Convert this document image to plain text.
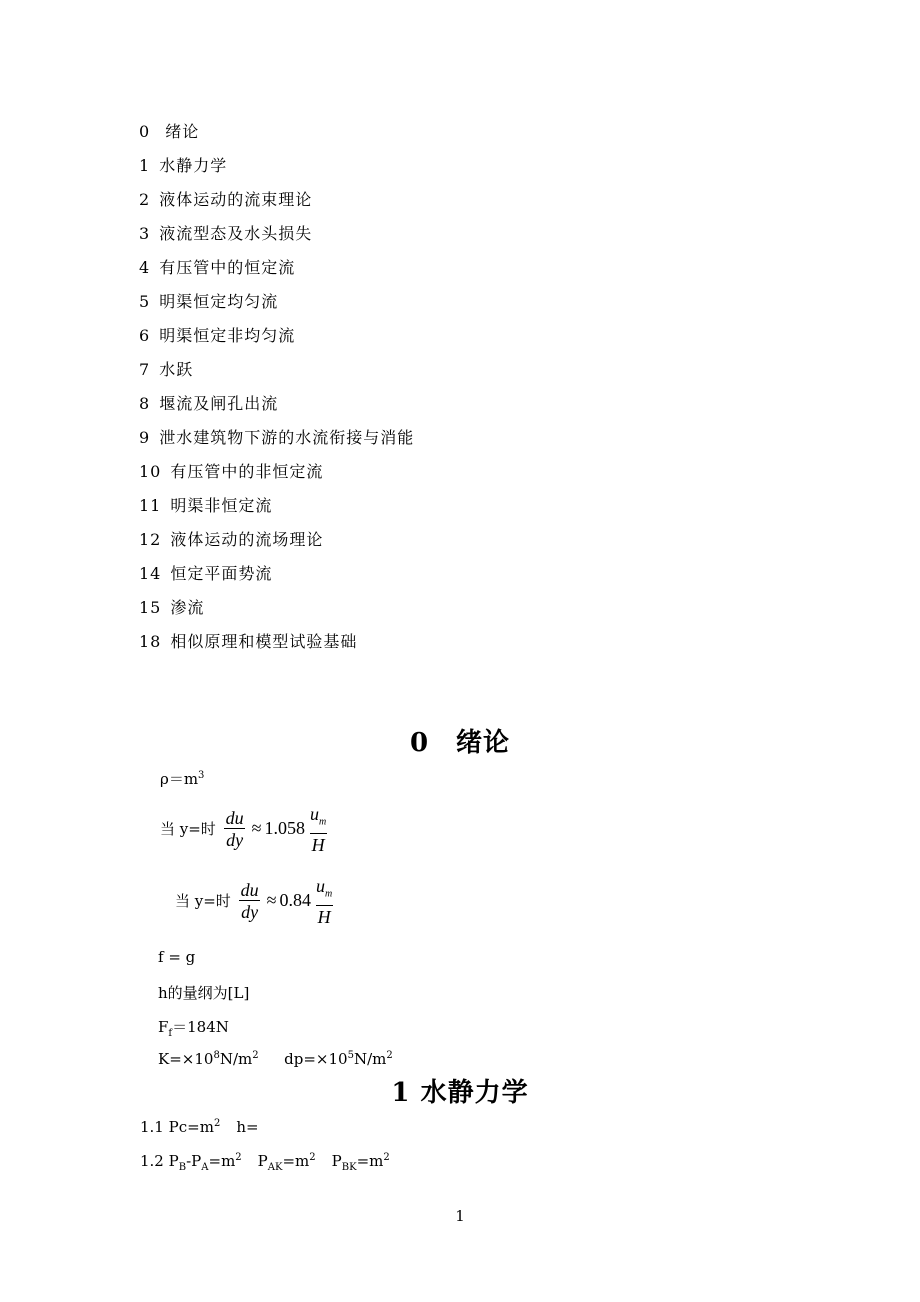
0 绪论
1 水静力学
2 液体运动的流束理论
3 液流型态及水头损失
4 有压管中的恒定流
5 明渠恒定均匀流
6 明渠恒定非均匀流
7 水跃
8 堰流及闸孔出流
9 泄水建筑物下游的水流衔接与消能
10 有压管中的非恒定流
11 明渠非恒定流
12 液体运动的流场理论
14 恒定平面势流
15 渗流
18 相似原理和模型试验基础
0　绪论
$\rho=m^3$
当 y=时 $\frac{du}{dy} \approx 1.058 \frac{u_m}{H}$
当 y=时 $\frac{du}{dy} \approx 0.84 \frac{u_m}{H}$
f = g
h的量纲为[L]
$F_f=184N$
$K=\times 10^8N/m^2$ $dp=\times 10^5N/m^2$
1 水静力学
1.1 $Pc=m^2$ h=
1.2 $P_B-P_A=m^2$ $P_{AK}=m^2$ $P_{BK}=m^2$
1
